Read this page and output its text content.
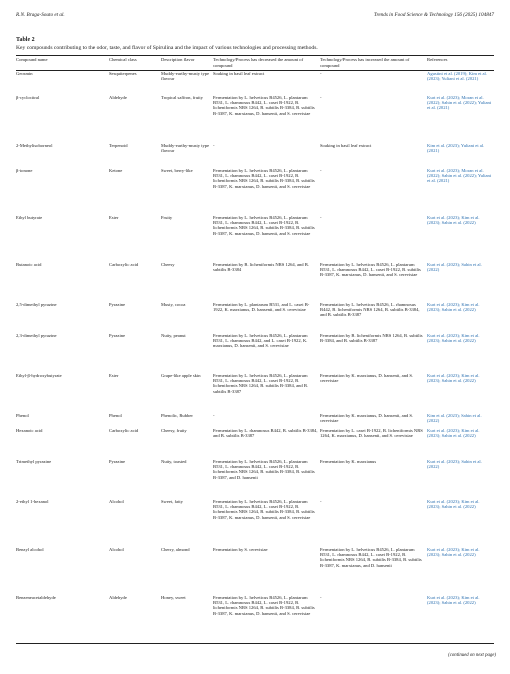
R.N. Braga-Souto et al.	Trends in Food Science & Technology 156 (2025) 104847
Table 2
Key compounds contributing to the odor, taste, and flavor of Spirulina and the impact of various technologies and processing methods.
Compound name	Chemical class	Description flavor	Technology/Process has decreased the amount of compound	Technology/Process has increased the amount of compound	References
Geosmin	Sesquiterpenes	Muddy-earthy-musty type flavour	Soaking in basil leaf extract	-	Agustini et al. (2019); Kim et al. (2023); Yuliani et al. (2021)
β-cyclocitral	Aldehyde	Tropical saffron, fruity	Fermentation by L. helveticus B4526, L. plantarum B531, L. rhamnosus B442, L. casei B-1922, B. licheniformis NRS 1264, B. subtilis B-3384, B. subtilis B-3387, K. marxianus, D. hansenii, and S. cerevisiae	-	Kurt et al. (2023); Moran et al. (2022); Sahin et al. (2022); Yuliani et al. (2021)
2-Methylisoborneol	Terpenoid	Muddy-earthy-musty type flavour	-	Soaking in basil leaf extract	Kim et al. (2023); Yuliani et al. (2021)
β-ionone	Ketone	Sweet, berry-like	Fermentation by L. helveticus B4526, L. plantarum B531, L. rhamnosus B442, L. casei B-1922, B. licheniformis NRS 1264, B. subtilis B-3384, B. subtilis B-3387, K. marxianus, D. hansenii, and S. cerevisiae	-	Kurt et al. (2023); Moran et al. (2022); Sahin et al. (2022); Yuliani et al. (2021)
Ethyl butyrate	Ester	Fruity	Fermentation by L. helveticus B4526, L. plantarum B531, L. rhamnosus B442, L. casei B-1922, B. licheniformis NRS 1264, B. subtilis B-3384, B. subtilis B-3387, K. marxianus, D. hansenii, and S. cerevisiae	-	Kurt et al. (2023); Kim et al. (2023); Sahin et al. (2022)
Butanoic acid	Carboxylic acid	Cheesy	Fermentation by B. licheniformis NRS 1264, and B. subtilis B-3384	Fermentation by L. helveticus B4526, L. plantarum B531, L. rhamnosus B442, L. casei B-1922, B. subtilis B-3387, K. marxianus, D. hansenii, and S. cerevisiae	Kurt et al. (2023); Sahin et al. (2022)
2,5-dimethyl pyrazine	Pyrazine	Musty, cocoa	Fermentation by L. plantarum B531, and L. casei B-1922, K. marxianus, D. hansenii, and S. cerevisiae	Fermentation by L. helveticus B4526, L. rhamnosus B442, B. licheniformis NRS 1264, B. subtilis B-3384, and B. subtilis B-3387	Kurt et al. (2023); Kim et al. (2023); Sahin et al. (2022)
2,3-dimethyl pyrazine	Pyrazine	Nutty, peanut	Fermentation by L. helveticus B4526, L. plantarum B531, L. rhamnosus B442, and L. casei B-1922, K. marxianus, D. hansenii, and S. cerevisiae	Fermentation by B. licheniformis NRS 1264, B. subtilis B-3384, and B. subtilis B-3387	Kurt et al. (2023); Kim et al. (2023); Sahin et al. (2022)
Ethyl-β-hydroxybutyrate	Ester	Grape-like apple skin	Fermentation by L. helveticus B4526, L. plantarum B531, L. rhamnosus B442, L. casei B-1922, B. licheniformis NRS 1264, B. subtilis B-3384, and B. subtilis B-3387	Fermentation by K. marxianus, D. hansenii, and S. cerevisiae	Kurt et al. (2023); Kim et al. (2023); Sahin et al. (2022)
Phenol	Phenol	Phenolic, Rubber	-	Fermentation by K. marxianus, D. hansenii, and S. cerevisiae	Kim et al. (2023); Sahin et al. (2022)
Hexanoic acid	Carboxylic acid	Cheesy, fruity	Fermentation by L. rhamnosus B442, B. subtilis B-3384, and B. subtilis B-3387	Fermentation by L. casei B-1922, B. licheniformis NRS 1264, K. marxianus, D. hansenii, and S. cerevisiae	Kurt et al. (2023); Kim et al. (2023); Sahin et al. (2022)
Trimethyl pyrazine	Pyrazine	Nutty, toasted	Fermentation by L. helveticus B4526, L. plantarum B531, L. rhamnosus B442, L. casei B-1922, B. licheniformis NRS 1264, B. subtilis B-3384, B. subtilis B-3387, and D. hansenii	Fermentation by K. marxianus	Kurt et al. (2023); Sahin et al. (2022)
2-ethyl 1-hexanol	Alcohol	Sweet, fatty	Fermentation by L. helveticus B4526, L. plantarum B531, L. rhamnosus B442, L. casei B-1922, B. licheniformis NRS 1264, B. subtilis B-3384, B. subtilis B-3387, K. marxianus, D. hansenii, and S. cerevisiae	-	Kurt et al. (2023); Kim et al. (2023); Sahin et al. (2022)
Benzyl alcohol	Alcohol	Cherry, almond	Fermentation by S. cerevisiae	Fermentation by L. helveticus B4526, L. plantarum B531, L. rhamnosus B442, L. casei B-1922, B. licheniformis NRS 1264, B. subtilis B-3384, B. subtilis B-3387, K. marxianus, and D. hansenii	Kurt et al. (2023); Kim et al. (2023); Sahin et al. (2022)
Benzeneacetaldehyde	Aldehyde	Honey, sweet	Fermentation by L. helveticus B4526, L. plantarum B531, L. rhamnosus B442, L. casei B-1922, B. licheniformis NRS 1264, B. subtilis B-3384, B. subtilis B-3387, K. marxianus, D. hansenii, and S. cerevisiae	-	Kurt et al. (2023); Kim et al. (2023); Sahin et al. (2022)
(continued on next page)
